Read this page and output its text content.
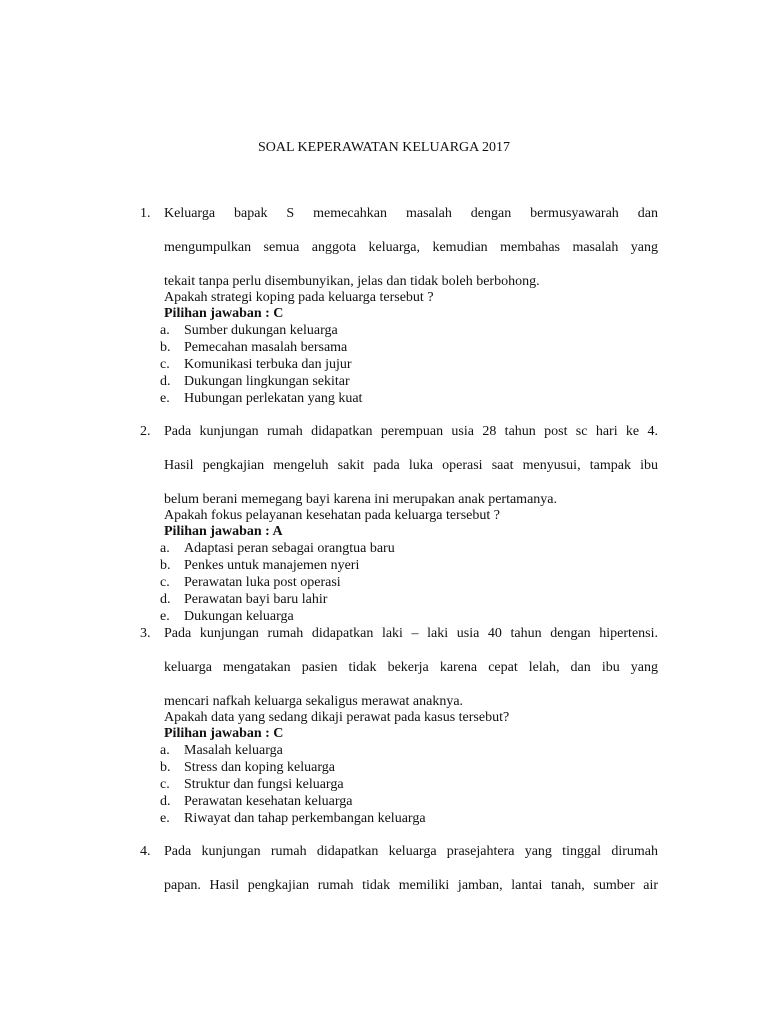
SOAL KEPERAWATAN KELUARGA 2017
1. Keluarga bapak S memecahkan masalah dengan bermusyawarah dan
mengumpulkan semua anggota keluarga, kemudian membahas masalah yang
tekait tanpa perlu disembunyikan, jelas dan tidak boleh berbohong.
Apakah strategi koping pada keluarga tersebut ?
Pilihan jawaban : C
a. Sumber dukungan keluarga
b. Pemecahan masalah bersama
c. Komunikasi terbuka dan jujur
d. Dukungan lingkungan sekitar
e. Hubungan perlekatan yang kuat
2. Pada kunjungan rumah didapatkan perempuan usia 28 tahun post sc hari ke 4.
Hasil pengkajian mengeluh sakit pada luka operasi saat menyusui, tampak ibu
belum berani memegang bayi karena ini merupakan anak pertamanya.
Apakah fokus pelayanan kesehatan pada keluarga tersebut ?
Pilihan jawaban : A
a. Adaptasi peran sebagai orangtua baru
b. Penkes untuk manajemen nyeri
c. Perawatan luka post operasi
d. Perawatan bayi baru lahir
e. Dukungan keluarga
3. Pada kunjungan rumah didapatkan laki – laki usia 40 tahun dengan hipertensi.
keluarga mengatakan pasien tidak bekerja karena cepat lelah, dan ibu yang
mencari nafkah keluarga sekaligus merawat anaknya.
Apakah data yang sedang dikaji perawat pada kasus tersebut?
Pilihan jawaban : C
a. Masalah keluarga
b. Stress dan koping keluarga
c. Struktur dan fungsi keluarga
d. Perawatan kesehatan keluarga
e. Riwayat dan tahap perkembangan keluarga
4. Pada kunjungan rumah didapatkan keluarga prasejahtera yang tinggal dirumah
papan. Hasil pengkajian rumah tidak memiliki jamban, lantai tanah, sumber air
